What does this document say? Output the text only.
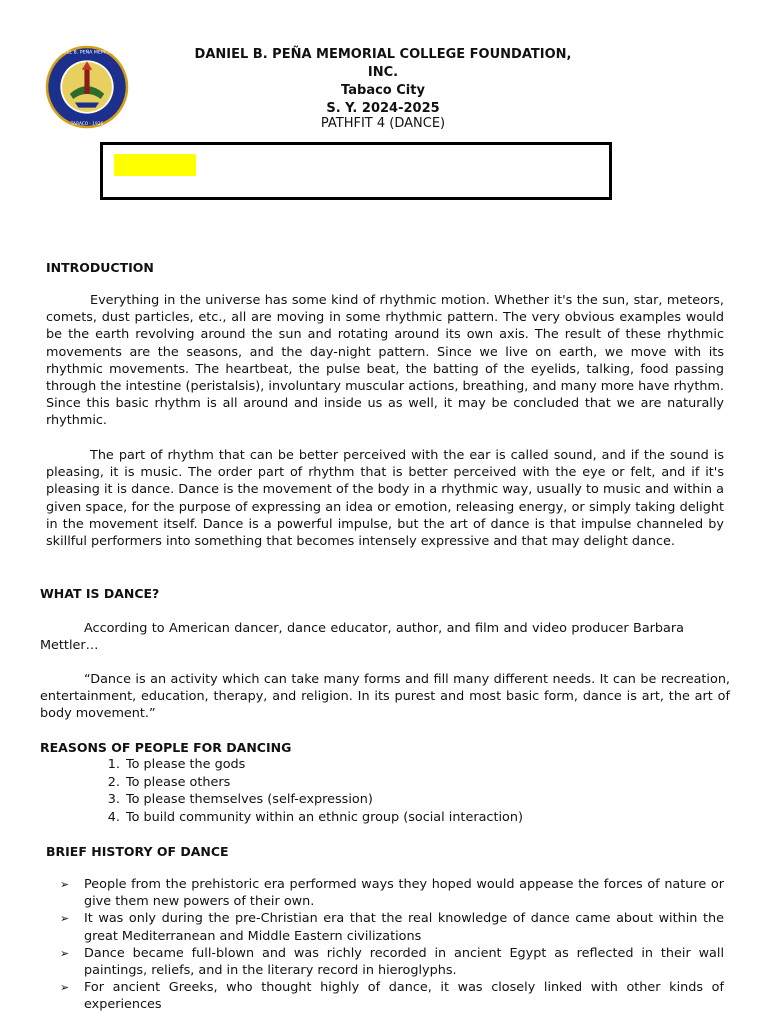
DANIEL B. PEÑA MEMORIAL
TABACO · 1926
DANIEL B. PEÑA MEMORIAL COLLEGE FOUNDATION, INC.
Tabaco City
S. Y. 2024-2025
PATHFIT 4 (DANCE)
INTRODUCTION
Everything in the universe has some kind of rhythmic motion. Whether it's the sun, star, meteors, comets, dust particles, etc., all are moving in some rhythmic pattern. The very obvious examples would be the earth revolving around the sun and rotating around its own axis. The result of these rhythmic movements are the seasons, and the day-night pattern. Since we live on earth, we move with its rhythmic movements. The heartbeat, the pulse beat, the batting of the eyelids, talking, food passing through the intestine (peristalsis), involuntary muscular actions, breathing, and many more have rhythm. Since this basic rhythm is all around and inside us as well, it may be concluded that we are naturally rhythmic.
The part of rhythm that can be better perceived with the ear is called sound, and if the sound is pleasing, it is music. The order part of rhythm that is better perceived with the eye or felt, and if it's pleasing it is dance. Dance is the movement of the body in a rhythmic way, usually to music and within a given space, for the purpose of expressing an idea or emotion, releasing energy, or simply taking delight in the movement itself. Dance is a powerful impulse, but the art of dance is that impulse channeled by skillful performers into something that becomes intensely expressive and that may delight dance.
WHAT IS DANCE?
According to American dancer, dance educator, author, and film and video producer Barbara Mettler…
“Dance is an activity which can take many forms and fill many different needs. It can be recreation, entertainment, education, therapy, and religion. In its purest and most basic form, dance is art, the art of body movement.”
REASONS OF PEOPLE FOR DANCING
1. To please the gods
2. To please others
3. To please themselves (self-expression)
4. To build community within an ethnic group (social interaction)
BRIEF HISTORY OF DANCE
➢ People from the prehistoric era performed ways they hoped would appease the forces of nature or give them new powers of their own.
➢ It was only during the pre-Christian era that the real knowledge of dance came about within the great Mediterranean and Middle Eastern civilizations
➢ Dance became full-blown and was richly recorded in ancient Egypt as reflected in their wall paintings, reliefs, and in the literary record in hieroglyphs.
➢ For ancient Greeks, who thought highly of dance, it was closely linked with other kinds of experiences
